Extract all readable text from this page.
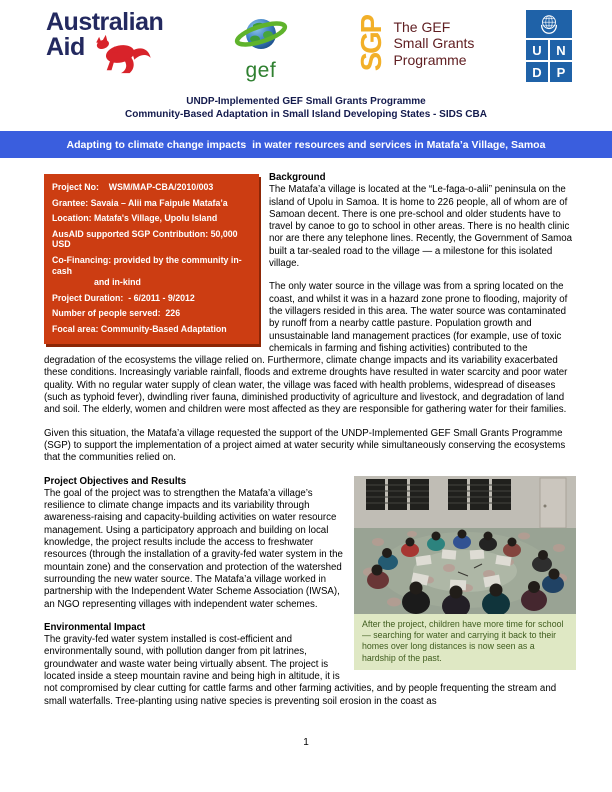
Australian
Aid
gef	SGP The GEF
Small Grants
Programme
U	N
D	P
UNDP-Implemented GEF Small Grants Programme
Community-Based Adaptation in Small Island Developing States - SIDS CBA
Adapting to climate change impacts  in water resources and services in Matafa’a Village, Samoa
Project No:    WSM/MAP-CBA/2010/003
Grantee: Savaia – Alii ma Faipule Matafa’a
Location: Matafa's Village, Upolu Island
AusAID supported SGP Contribution: 50,000 USD
Co-Financing: provided by the community in-cash
and in-kind
Project Duration:  - 6/2011 - 9/2012
Number of people served:  226
Focal area: Community-Based Adaptation
Background

The Matafa’a village is located at the “Le-faga-o-alii” peninsula on the island of Upolu in Samoa. It is home to 226 people, all of whom are of Samoan decent. There is one pre-school and older students have to travel by canoe to go to school in other areas. There is no health clinic nor are there any telephone lines. Recently, the Government of Samoa built a tar-sealed road to the village — a milestone for this isolated village.

The only water source in the village was from a spring located on the coast, and whilst it was in a hazard zone prone to flooding, majority of the villagers resided in this area. The water source was contaminated by runoff from a nearby cattle pasture. Population growth and unsustainable land management practices (for example, use of toxic chemicals in farming and fishing activities) contributed to the degradation of the ecosystems the village relied on. Furthermore, climate change impacts and its variability exacerbated these conditions. Increasingly variable rainfall, floods and extreme droughts have resulted in water scarcity and poor water quality. With no regular water supply of clean water, the village was faced with health problems, widespread of diseases (such as typhoid fever), dwindling river fauna, diminished productivity of agriculture and livestock, and degradation of land and soil. The elderly, women and children were most affected as they are responsible for gathering water for their families.

Given this situation, the Matafa’a village requested the support of the UNDP-Implemented GEF Small Grants Programme (SGP) to support the implementation of a project aimed at water security while simultaneously conserving the ecosystems that the communities relied on.

After the project, children have more time for school — searching for water and carrying it back to their homes over long distances is now seen as a hardship of the past.
Project Objectives and Results

The goal of the project was to strengthen the Matafa’a village’s resilience to climate change impacts and its variability through awareness-raising and capacity-building activities on water resource management. Using a participatory approach and building on local knowledge, the project results include the access to freshwater resources (through the installation of a gravity-fed water system in the mountain zone) and the conservation and protection of the watershed surrounding the new water source. The Matafa’a village worked in partnership with the Independent Water Scheme Association (IWSA), an NGO representing villages with independent water schemes.

Environmental Impact

The gravity-fed water system installed is cost-efficient and environmentally sound, with pollution danger from pit latrines, groundwater and waste water being virtually absent. The project is located inside a steep mountain ravine and being high in altitude, it is not compromised by clear cutting for cattle farms and other farming activities, and by people frequenting the stream and small waterfalls. Tree-planting using native species is preventing soil erosion in the coast as

1
